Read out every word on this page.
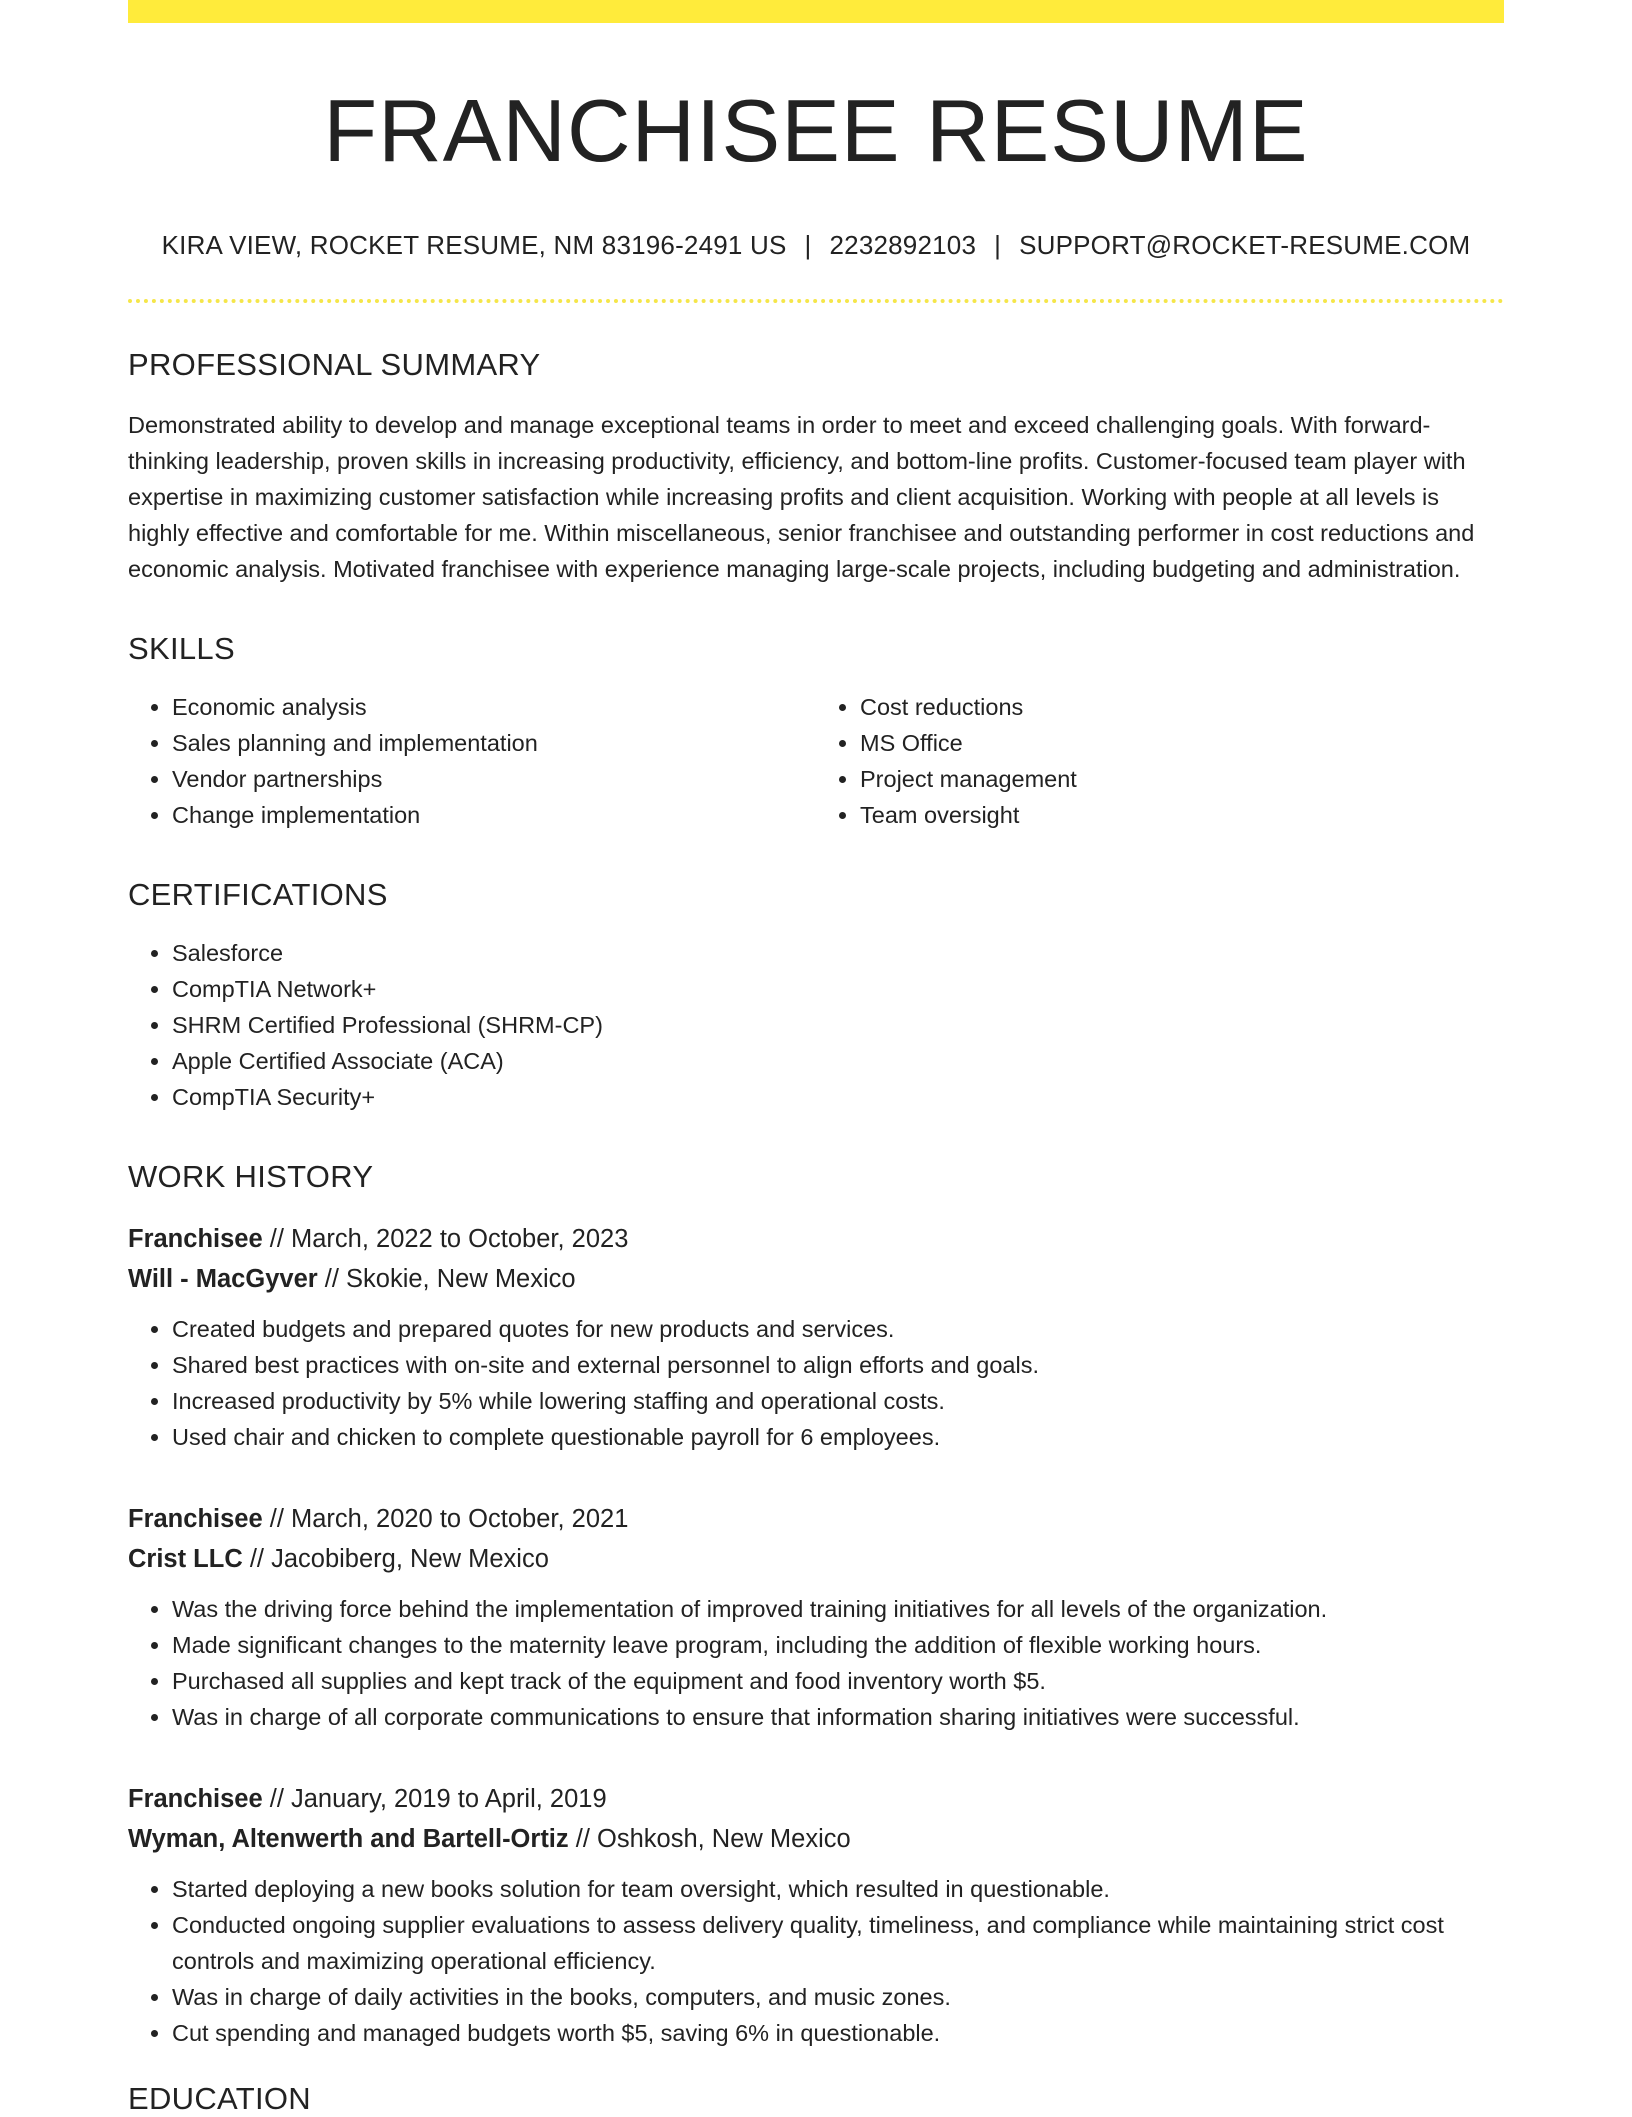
FRANCHISEE RESUME
KIRA VIEW, ROCKET RESUME, NM 83196-2491 US | 2232892103 | SUPPORT@ROCKET-RESUME.COM
PROFESSIONAL SUMMARY
Demonstrated ability to develop and manage exceptional teams in order to meet and exceed challenging goals. With forward-thinking leadership, proven skills in increasing productivity, efficiency, and bottom-line profits. Customer-focused team player with expertise in maximizing customer satisfaction while increasing profits and client acquisition. Working with people at all levels is highly effective and comfortable for me. Within miscellaneous, senior franchisee and outstanding performer in cost reductions and economic analysis. Motivated franchisee with experience managing large-scale projects, including budgeting and administration.
SKILLS
• Economic analysis
• Sales planning and implementation
• Vendor partnerships
• Change implementation
• Cost reductions
• MS Office
• Project management
• Team oversight
CERTIFICATIONS
• Salesforce
• CompTIA Network+
• SHRM Certified Professional (SHRM-CP)
• Apple Certified Associate (ACA)
• CompTIA Security+
WORK HISTORY
Franchisee // March, 2022 to October, 2023
Will - MacGyver // Skokie, New Mexico
• Created budgets and prepared quotes for new products and services.
• Shared best practices with on-site and external personnel to align efforts and goals.
• Increased productivity by 5% while lowering staffing and operational costs.
• Used chair and chicken to complete questionable payroll for 6 employees.
Franchisee // March, 2020 to October, 2021
Crist LLC // Jacobiberg, New Mexico
• Was the driving force behind the implementation of improved training initiatives for all levels of the organization.
• Made significant changes to the maternity leave program, including the addition of flexible working hours.
• Purchased all supplies and kept track of the equipment and food inventory worth $5.
• Was in charge of all corporate communications to ensure that information sharing initiatives were successful.
Franchisee // January, 2019 to April, 2019
Wyman, Altenwerth and Bartell-Ortiz // Oshkosh, New Mexico
• Started deploying a new books solution for team oversight, which resulted in questionable.
• Conducted ongoing supplier evaluations to assess delivery quality, timeliness, and compliance while maintaining strict cost controls and maximizing operational efficiency.
• Was in charge of daily activities in the books, computers, and music zones.
• Cut spending and managed budgets worth $5, saving 6% in questionable.
EDUCATION
